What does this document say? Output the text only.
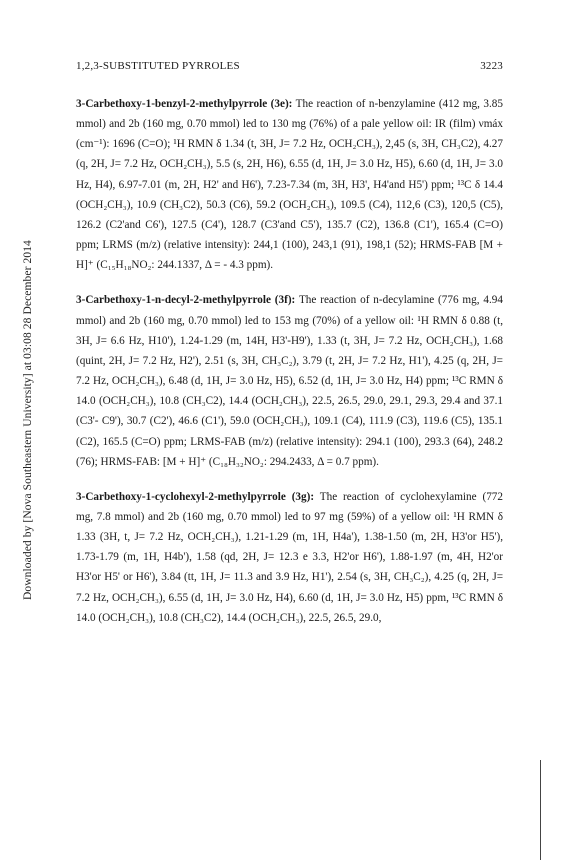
Downloaded by [Nova Southeastern University] at 03:08 28 December 2014
1,2,3-SUBSTITUTED PYRROLES	3223

3-Carbethoxy-1-benzyl-2-methylpyrrole (3e): The reaction of n-benzylamine (412 mg, 3.85 mmol) and 2b (160 mg, 0.70 mmol) led to 130 mg (76%) of a pale yellow oil: IR (film) νmáx (cm⁻¹): 1696 (C=O); ¹H RMN δ 1.34 (t, 3H, J= 7.2 Hz, OCH₂CH₃), 2,45 (s, 3H, CH₃C2), 4.27 (q, 2H, J= 7.2 Hz, OCH₂CH₃), 5.5 (s, 2H, H6), 6.55 (d, 1H, J= 3.0 Hz, H5), 6.60 (d, 1H, J= 3.0 Hz, H4), 6.97-7.01 (m, 2H, H2' and H6'), 7.23-7.34 (m, 3H, H3', H4'and H5') ppm; ¹³C δ 14.4 (OCH₂CH₃), 10.9 (CH₃C2), 50.3 (C6), 59.2 (OCH₂CH₃), 109.5 (C4), 112,6 (C3), 120,5 (C5), 126.2 (C2'and C6'), 127.5 (C4'), 128.7 (C3'and C5'), 135.7 (C2), 136.8 (C1'), 165.4 (C=O) ppm; LRMS (m/z) (relative intensity): 244,1 (100), 243,1 (91), 198,1 (52); HRMS-FAB [M + H]⁺ (C₁₅H₁₈NO₂: 244.1337, Δ = - 4.3 ppm).

3-Carbethoxy-1-n-decyl-2-methylpyrrole (3f): The reaction of n-decylamine (776 mg, 4.94 mmol) and 2b (160 mg, 0.70 mmol) led to 153 mg (70%) of a yellow oil: ¹H RMN δ 0.88 (t, 3H, J= 6.6 Hz, H10'), 1.24-1.29 (m, 14H, H3'-H9'), 1.33 (t, 3H, J= 7.2 Hz, OCH₂CH₃), 1.68 (quint, 2H, J= 7.2 Hz, H2'), 2.51 (s, 3H, CH₃C₂), 3.79 (t, 2H, J= 7.2 Hz, H1'), 4.25 (q, 2H, J= 7.2 Hz, OCH₂CH₃), 6.48 (d, 1H, J= 3.0 Hz, H5), 6.52 (d, 1H, J= 3.0 Hz, H4) ppm; ¹³C RMN δ 14.0 (OCH₂CH₃), 10.8 (CH₃C2), 14.4 (OCH₂CH₃), 22.5, 26.5, 29.0, 29.1, 29.3, 29.4 and 37.1 (C3'- C9'), 30.7 (C2'), 46.6 (C1'), 59.0 (OCH₂CH₃), 109.1 (C4), 111.9 (C3), 119.6 (C5), 135.1 (C2), 165.5 (C=O) ppm; LRMS-FAB (m/z) (relative intensity): 294.1 (100), 293.3 (64), 248.2 (76); HRMS-FAB: [M + H]⁺ (C₁₈H₃₂NO₂: 294.2433, Δ = 0.7 ppm).

3-Carbethoxy-1-cyclohexyl-2-methylpyrrole (3g): The reaction of cyclohexylamine (772 mg, 7.8 mmol) and 2b (160 mg, 0.70 mmol) led to 97 mg (59%) of a yellow oil: ¹H RMN δ 1.33 (3H, t, J= 7.2 Hz, OCH₂CH₃), 1.21-1.29 (m, 1H, H4a'), 1.38-1.50 (m, 2H, H3'or H5'), 1.73-1.79 (m, 1H, H4b'), 1.58 (qd, 2H, J= 12.3 e 3.3, H2'or H6'), 1.88-1.97 (m, 4H, H2'or H3'or H5' or H6'), 3.84 (tt, 1H, J= 11.3 and 3.9 Hz, H1'), 2.54 (s, 3H, CH₃C₂), 4.25 (q, 2H, J= 7.2 Hz, OCH₂CH₃), 6.55 (d, 1H, J= 3.0 Hz, H4), 6.60 (d, 1H, J= 3.0 Hz, H5) ppm, ¹³C RMN δ 14.0 (OCH₂CH₃), 10.8 (CH₃C2), 14.4 (OCH₂CH₃), 22.5, 26.5, 29.0,
